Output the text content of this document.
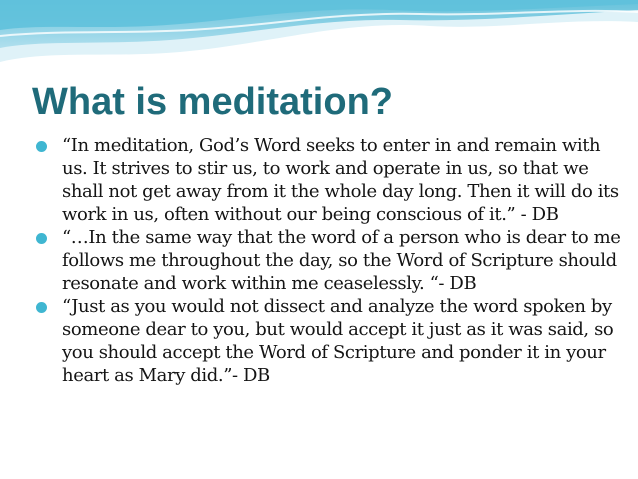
What is meditation?
“In meditation, God’s Word seeks to enter in and remain with us. It strives to stir us, to work and operate in us, so that we shall not get away from it the whole day long. Then it will do its work in us, often without our being conscious of it.” - DB
“…In the same way that the word of a person who is dear to me follows me throughout the day, so the Word of Scripture should resonate and work within me ceaselessly. “- DB
“Just as you would not dissect and analyze the word spoken by someone dear to you, but would accept it just as it was said, so you should accept the Word of Scripture and ponder it in your heart as Mary did.”- DB
